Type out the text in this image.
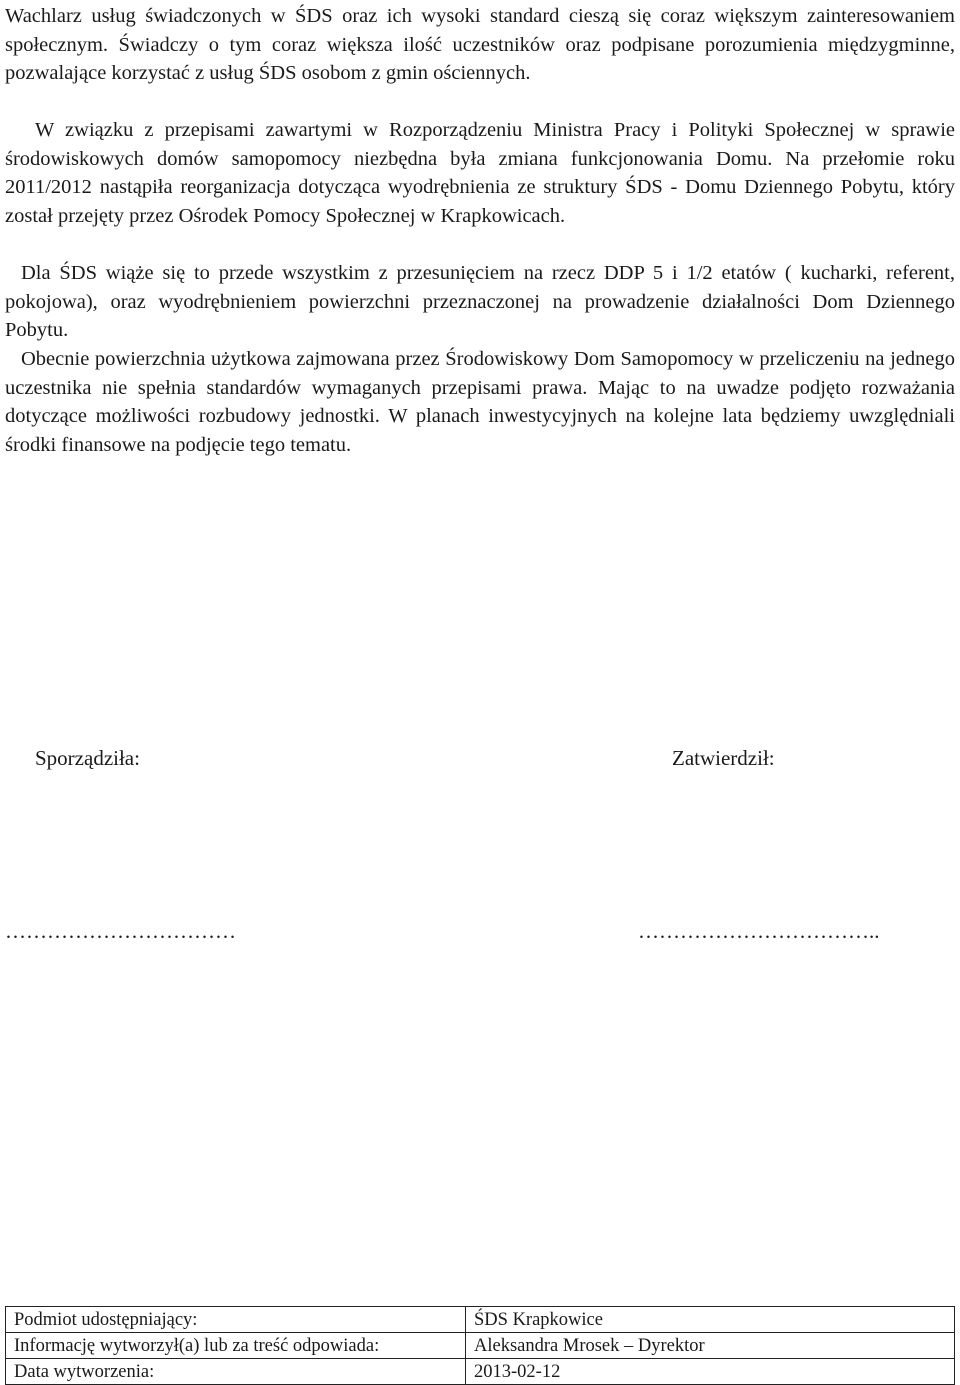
Wachlarz usług świadczonych w ŚDS oraz ich wysoki standard cieszą się coraz większym zainteresowaniem społecznym. Świadczy o tym coraz większa ilość uczestników oraz podpisane porozumienia międzygminne, pozwalające korzystać z usług ŚDS osobom z gmin ościennych.

W związku z przepisami zawartymi w Rozporządzeniu Ministra Pracy i Polityki Społecznej w sprawie środowiskowych domów samopomocy niezbędna była zmiana funkcjonowania Domu. Na przełomie roku 2011/2012 nastąpiła reorganizacja dotycząca wyodrębnienia ze struktury ŚDS - Domu Dziennego Pobytu, który został przejęty przez Ośrodek Pomocy Społecznej w Krapkowicach.

Dla ŚDS wiąże się to przede wszystkim z przesunięciem na rzecz DDP 5 i 1/2 etatów ( kucharki, referent, pokojowa), oraz wyodrębnieniem powierzchni przeznaczonej na prowadzenie działalności Dom Dziennego Pobytu.

Obecnie powierzchnia użytkowa zajmowana przez Środowiskowy Dom Samopomocy w przeliczeniu na jednego uczestnika nie spełnia standardów wymaganych przepisami prawa. Mając to na uwadze podjęto rozważania dotyczące możliwości rozbudowy jednostki. W planach inwestycyjnych na kolejne lata będziemy uwzględniali środki finansowe na podjęcie tego tematu.

Sporządziła:	Zatwierdził:
……………………………	……………………………..
Podmiot udostępniający:	ŚDS Krapkowice
Informację wytworzył(a) lub za treść odpowiada:	Aleksandra Mrosek – Dyrektor
Data wytworzenia:	2013-02-12
